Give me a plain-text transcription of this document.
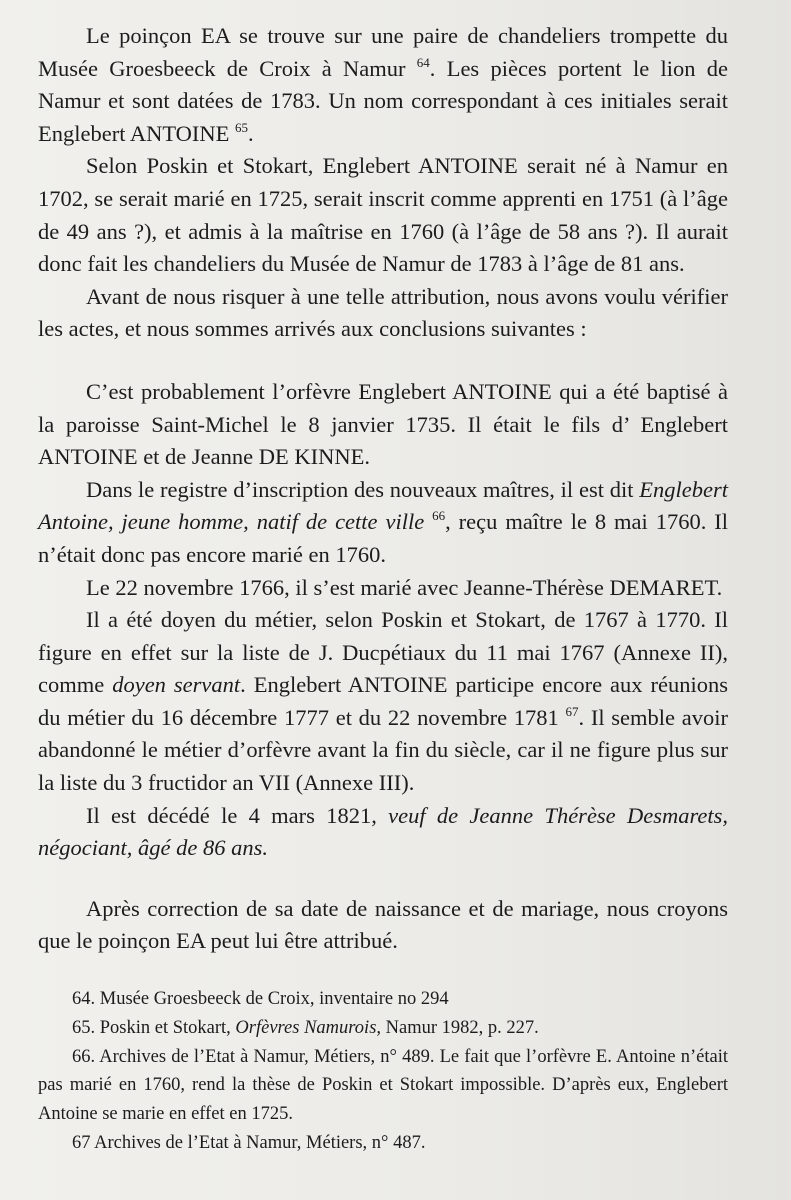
Le poinçon EA se trouve sur une paire de chandeliers trompette du Musée Groesbeeck de Croix à Namur $^{64}$. Les pièces portent le lion de Namur et sont datées de 1783. Un nom correspondant à ces initiales serait Englebert ANTOINE $^{65}$.

Selon Poskin et Stokart, Englebert ANTOINE serait né à Namur en 1702, se serait marié en 1725, serait inscrit comme apprenti en 1751 (à l’âge de 49 ans ?), et admis à la maîtrise en 1760 (à l’âge de 58 ans ?). Il aurait donc fait les chandeliers du Musée de Namur de 1783 à l’âge de 81 ans.

Avant de nous risquer à une telle attribution, nous avons voulu vérifier les actes, et nous sommes arrivés aux conclusions suivantes :

C’est probablement l’orfèvre Englebert ANTOINE qui a été baptisé à la paroisse Saint-Michel le 8 janvier 1735. Il était le fils d’ Englebert ANTOINE et de Jeanne DE KINNE.

Dans le registre d’inscription des nouveaux maîtres, il est dit Englebert Antoine, jeune homme, natif de cette ville $^{66}$, reçu maître le 8 mai 1760. Il n’était donc pas encore marié en 1760.

Le 22 novembre 1766, il s’est marié avec Jeanne-Thérèse DEMARET.

Il a été doyen du métier, selon Poskin et Stokart, de 1767 à 1770. Il figure en effet sur la liste de J. Ducpétiaux du 11 mai 1767 (Annexe II), comme doyen servant. Englebert ANTOINE participe encore aux réunions du métier du 16 décembre 1777 et du 22 novembre 1781 $^{67}$. Il semble avoir abandonné le métier d’orfèvre avant la fin du siècle, car il ne figure plus sur la liste du 3 fructidor an VII (Annexe III).

Il est décédé le 4 mars 1821, veuf de Jeanne Thérèse Desmarets, négociant, âgé de 86 ans.

Après correction de sa date de naissance et de mariage, nous croyons que le poinçon EA peut lui être attribué.

64. Musée Groesbeeck de Croix, inventaire no 294

65. Poskin et Stokart, Orfèvres Namurois, Namur 1982, p. 227.

66. Archives de l’Etat à Namur, Métiers, n° 489. Le fait que l’orfèvre E. Antoine n’était pas marié en 1760, rend la thèse de Poskin et Stokart impossible. D’après eux, Englebert Antoine se marie en effet en 1725.

67 Archives de l’Etat à Namur, Métiers, n° 487.
